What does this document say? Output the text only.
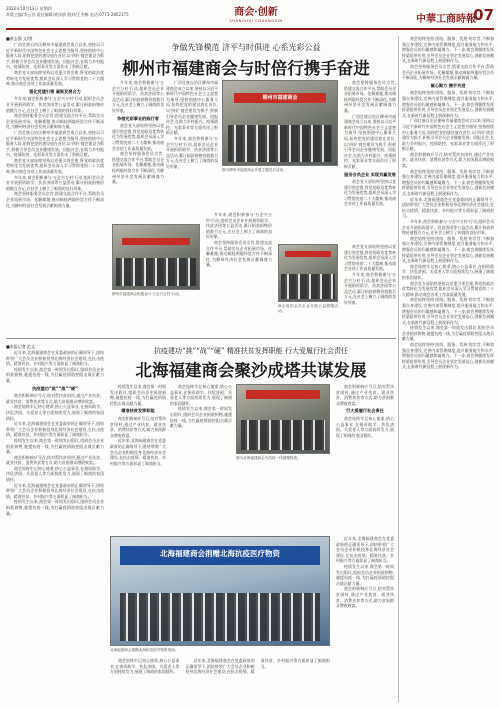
2022年10月13日 星期四
本版主编/李云芳 责任编辑/黄泽滨 校对/王冬梅 电话:0771-2802375	商会·创新
SHANGHUI CHUANGXIN	中華工商時報
07
■黄志强 文/图

广西壮族自治区柳州市福建商会成立以来,坚持以习近平新时代中国特色社会主义思想为指导,坚持围绕中心服务大局,始终把党的建设放在首位,以'四好'商会建设为抓手,积极引导会员企业健康发展、回报社会,在助力乡村振兴、疫情防控、光彩事业等方面作出了积极贡献。

商会党支部始终坚持以党建引领会建,将党的政治优势转化为发展优势,组织会员深入学习贯彻党的二十大精神,推动商会各项工作高质量发展。

强化党建引领 凝聚发展合力

多年来,商会积极参与'万企兴万村'行动,组织会员企业开展捐资助学、扶贫济困等公益活动,累计捐款捐物价值数百万元,在社会上树立了闽商的良好形象。

商会坚持服务会员宗旨,搭建交流合作平台,帮助会员企业拓展市场、化解难题,推动闽桂两地经贸合作不断深化,为柳州经济社会发展贡献闽商力量。

广西壮族自治区柳州市福建商会成立以来,坚持以习近平新时代中国特色社会主义思想为指导,坚持围绕中心服务大局,始终把党的建设放在首位,以'四好'商会建设为抓手,积极引导会员企业健康发展、回报社会,在助力乡村振兴、疫情防控、光彩事业等方面作出了积极贡献。

商会党支部始终坚持以党建引领会建,将党的政治优势转化为发展优势,组织会员深入学习贯彻党的二十大精神,推动商会各项工作高质量发展。

多年来,商会积极参与'万企兴万村'行动,组织会员企业开展捐资助学、扶贫济困等公益活动,累计捐款捐物价值数百万元,在社会上树立了闽商的良好形象。

商会坚持服务会员宗旨,搭建交流合作平台,帮助会员企业拓展市场、化解难题,推动闽桂两地经贸合作不断深化,为柳州经济社会发展贡献闽商力量。

争做先锋模范 济平与时俱进 心系光彩公益
柳州市福建商会与时倍行携手奋进

多年来,商会积极参与'万企兴万村'行动,组织会员企业开展捐资助学、扶贫济困等公益活动,累计捐款捐物价值数百万元,在社会上树立了闽商的良好形象。

争做光彩事业的践行者

商会党支部始终坚持以党建引领会建,将党的政治优势转化为发展优势,组织会员深入学习贯彻党的二十大精神,推动商会各项工作高质量发展。

商会坚持服务会员宗旨,搭建交流合作平台,帮助会员企业拓展市场、化解难题,推动闽桂两地经贸合作不断深化,为柳州经济社会发展贡献闽商力量。

广西壮族自治区柳州市福建商会成立以来,坚持以习近平新时代中国特色社会主义思想为指导,坚持围绕中心服务大局,始终把党的建设放在首位,以'四好'商会建设为抓手,积极引导会员企业健康发展、回报社会,在助力乡村振兴、疫情防控、光彩事业等方面作出了积极贡献。

多年来,商会积极参与'万企兴万村'行动,组织会员企业开展捐资助学、扶贫济困等公益活动,累计捐款捐物价值数百万元,在社会上树立了闽商的良好形象。

柳州市福建商会
图为柳州市福建商会开展主题党日活动。

商会坚持服务会员宗旨,搭建交流合作平台,帮助会员企业拓展市场、化解难题,推动闽桂两地经贸合作不断深化,为柳州经济社会发展贡献闽商力量。

广西壮族自治区柳州市福建商会成立以来,坚持以习近平新时代中国特色社会主义思想为指导,坚持围绕中心服务大局,始终把党的建设放在首位,以'四好'商会建设为抓手,积极引导会员企业健康发展、回报社会,在助力乡村振兴、疫情防控、光彩事业等方面作出了积极贡献。

服务会员企业 实现共赢发展

商会党支部始终坚持以党建引领会建,将党的政治优势转化为发展优势,组织会员深入学习贯彻党的二十大精神,推动商会各项工作高质量发展。

柳州市福建商会积极参与'万企兴万村'行动。

多年来,商会积极参与'万企兴万村'行动,组织会员企业开展捐资助学、扶贫济困等公益活动,累计捐款捐物价值数百万元,在社会上树立了闽商的良好形象。

商会坚持服务会员宗旨,搭建交流合作平台,帮助会员企业拓展市场、化解难题,推动闽桂两地经贸合作不断深化,为柳州经济社会发展贡献闽商力量。

商会组织会员企业开展公益捐赠活动。

商会党支部始终坚持以党建引领会建,将党的政治优势转化为发展优势,组织会员深入学习贯彻党的二十大精神,推动商会各项工作高质量发展。

多年来,商会积极参与'万企兴万村'行动,组织会员企业开展捐资助学、扶贫济困等公益活动,累计捐款捐物价值数百万元,在社会上树立了闽商的良好形象。

■本报记者 范文

近年来,北海福建商会在党委政府的正确领导下,团结带领广大会员企业积极投身北海经济社会建设,在抗击疫情、精准扶贫、乡村振兴等方面彰显了闽商担当。

疫情发生以来,商会第一时间发出倡议,组织会员企业捐款捐物,驰援抗疫一线,为打赢疫情防控阻击战贡献力量。

抗疫建功“挑”“战”“硬”

商会积极响应号召,结对帮扶贫困村,通过产业扶贫、就业扶贫、消费扶贫等方式,助力贫困群众增收致富。

商会始终牢记初心使命,热心公益事业,在捐资助学、扶危济困、关爱老人等方面持续发力,展现了闽商的家国情怀。

近年来,北海福建商会在党委政府的正确领导下,团结带领广大会员企业积极投身北海经济社会建设,在抗击疫情、精准扶贫、乡村振兴等方面彰显了闽商担当。

疫情发生以来,商会第一时间发出倡议,组织会员企业捐款捐物,驰援抗疫一线,为打赢疫情防控阻击战贡献力量。

商会积极响应号召,结对帮扶贫困村,通过产业扶贫、就业扶贫、消费扶贫等方式,助力贫困群众增收致富。

商会始终牢记初心使命,热心公益事业,在捐资助学、扶危济困、关爱老人等方面持续发力,展现了闽商的家国情怀。

近年来,北海福建商会在党委政府的正确领导下,团结带领广大会员企业积极投身北海经济社会建设,在抗击疫情、精准扶贫、乡村振兴等方面彰显了闽商担当。

疫情发生以来,商会第一时间发出倡议,组织会员企业捐款捐物,驰援抗疫一线,为打赢疫情防控阻击战贡献力量。

抗疫建功“挑”“战”“硬” 精准扶贫发挥职能 行大爱履行社会责任
北海福建商会聚沙成塔共谋发展

疫情发生以来,商会第一时间发出倡议,组织会员企业捐款捐物,驰援抗疫一线,为打赢疫情防控阻击战贡献力量。

精准扶贫发挥职能

商会积极响应号召,结对帮扶贫困村,通过产业扶贫、就业扶贫、消费扶贫等方式,助力贫困群众增收致富。

近年来,北海福建商会在党委政府的正确领导下,团结带领广大会员企业积极投身北海经济社会建设,在抗击疫情、精准扶贫、乡村振兴等方面彰显了闽商担当。

商会始终牢记初心使命,热心公益事业,在捐资助学、扶危济困、关爱老人等方面持续发力,展现了闽商的家国情怀。

疫情发生以来,商会第一时间发出倡议,组织会员企业捐款捐物,驰援抗疫一线,为打赢疫情防控阻击战贡献力量。

图为北海福建商会为抗疫一线捐赠物资。

商会积极响应号召,结对帮扶贫困村,通过产业扶贫、就业扶贫、消费扶贫等方式,助力贫困群众增收致富。

行大爱履行社会责任

商会始终牢记初心使命,热心公益事业,在捐资助学、扶危济困、关爱老人等方面持续发力,展现了闽商的家国情怀。

北海福建商会捐赠北海抗疫医疗物资
北海福建商会捐赠北海抗疫医疗物资现场。

近年来,北海福建商会在党委政府的正确领导下,团结带领广大会员企业积极投身北海经济社会建设,在抗击疫情、精准扶贫、乡村振兴等方面彰显了闽商担当。

疫情发生以来,商会第一时间发出倡议,组织会员企业捐款捐物,驰援抗疫一线,为打赢疫情防控阻击战贡献力量。

商会积极响应号召,结对帮扶贫困村,通过产业扶贫、就业扶贫、消费扶贫等方式,助力贫困群众增收致富。

商会始终牢记初心使命,热心公益事业,在捐资助学、扶危济困、关爱老人等方面持续发力,展现了闽商的家国情怀。

近年来,北海福建商会在党委政府的正确领导下,团结带领广大会员企业积极投身北海经济社会建设,在抗击疫情、精准扶贫、乡村振兴等方面彰显了闽商担当。

商会始终坚持'团结、服务、发展'的宗旨,不断加强自身建设,完善内部管理制度,提升服务能力和水平,增强会员的归属感和凝聚力。下一步,商会将继续发挥桥梁纽带作用,引导会员企业坚定发展信心,创新发展模式,在新时代新征程上展现新作为。

商会坚持服务会员宗旨,搭建交流合作平台,帮助会员企业拓展市场、化解难题,推动闽桂两地经贸合作不断深化,为柳州经济社会发展贡献闽商力量。

凝心聚力 携手共进

商会始终坚持'团结、服务、发展'的宗旨,不断加强自身建设,完善内部管理制度,提升服务能力和水平,增强会员的归属感和凝聚力。下一步,商会将继续发挥桥梁纽带作用,引导会员企业坚定发展信心,创新发展模式,在新时代新征程上展现新作为。

广西壮族自治区柳州市福建商会成立以来,坚持以习近平新时代中国特色社会主义思想为指导,坚持围绕中心服务大局,始终把党的建设放在首位,以'四好'商会建设为抓手,积极引导会员企业健康发展、回报社会,在助力乡村振兴、疫情防控、光彩事业等方面作出了积极贡献。

商会积极响应号召,结对帮扶贫困村,通过产业扶贫、就业扶贫、消费扶贫等方式,助力贫困群众增收致富。

商会始终坚持'团结、服务、发展'的宗旨,不断加强自身建设,完善内部管理制度,提升服务能力和水平,增强会员的归属感和凝聚力。下一步,商会将继续发挥桥梁纽带作用,引导会员企业坚定发展信心,创新发展模式,在新时代新征程上展现新作为。

近年来,北海福建商会在党委政府的正确领导下,团结带领广大会员企业积极投身北海经济社会建设,在抗击疫情、精准扶贫、乡村振兴等方面彰显了闽商担当。

多年来,商会积极参与'万企兴万村'行动,组织会员企业开展捐资助学、扶贫济困等公益活动,累计捐款捐物价值数百万元,在社会上树立了闽商的良好形象。

商会始终坚持'团结、服务、发展'的宗旨,不断加强自身建设,完善内部管理制度,提升服务能力和水平,增强会员的归属感和凝聚力。下一步,商会将继续发挥桥梁纽带作用,引导会员企业坚定发展信心,创新发展模式,在新时代新征程上展现新作为。

商会始终牢记初心使命,热心公益事业,在捐资助学、扶危济困、关爱老人等方面持续发力,展现了闽商的家国情怀。

商会党支部始终坚持以党建引领会建,将党的政治优势转化为发展优势,组织会员深入学习贯彻党的二十大精神,推动商会各项工作高质量发展。

商会始终坚持'团结、服务、发展'的宗旨,不断加强自身建设,完善内部管理制度,提升服务能力和水平,增强会员的归属感和凝聚力。下一步,商会将继续发挥桥梁纽带作用,引导会员企业坚定发展信心,创新发展模式,在新时代新征程上展现新作为。

疫情发生以来,商会第一时间发出倡议,组织会员企业捐款捐物,驰援抗疫一线,为打赢疫情防控阻击战贡献力量。

商会始终坚持'团结、服务、发展'的宗旨,不断加强自身建设,完善内部管理制度,提升服务能力和水平,增强会员的归属感和凝聚力。下一步,商会将继续发挥桥梁纽带作用,引导会员企业坚定发展信心,创新发展模式,在新时代新征程上展现新作为。
